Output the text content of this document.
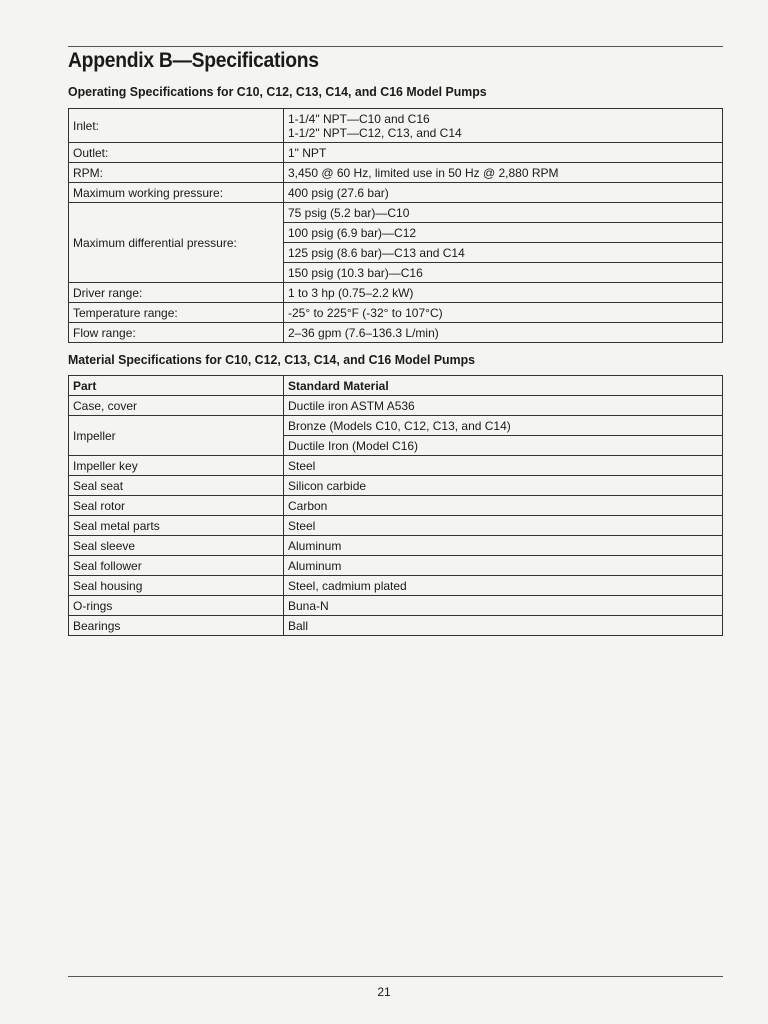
Appendix B—Specifications
Operating Specifications for C10, C12, C13, C14, and C16 Model Pumps
Inlet:	1-1/4" NPT—C10 and C16
1-1/2" NPT—C12, C13, and C14

Outlet:	1" NPT
RPM:	3,450 @ 60 Hz, limited use in 50 Hz @ 2,880 RPM
Maximum working pressure:	400 psig (27.6 bar)
Maximum differential pressure:	75 psig (5.2 bar)—C10
	100 psig (6.9 bar)—C12
	125 psig (8.6 bar)—C13 and C14
	150 psig (10.3 bar)—C16
Driver range:	1 to 3 hp (0.75–2.2 kW)
Temperature range:	-25° to 225°F (-32° to 107°C)
Flow range:	2–36 gpm (7.6–136.3 L/min)
Material Specifications for C10, C12, C13, C14, and C16 Model Pumps
Part	Standard Material
Case, cover	Ductile iron ASTM A536
Impeller	Bronze (Models C10, C12, C13, and C14)
	Ductile Iron (Model C16)
Impeller key	Steel
Seal seat	Silicon carbide
Seal rotor	Carbon
Seal metal parts	Steel
Seal sleeve	Aluminum
Seal follower	Aluminum
Seal housing	Steel, cadmium plated
O-rings	Buna-N
Bearings	Ball
21
